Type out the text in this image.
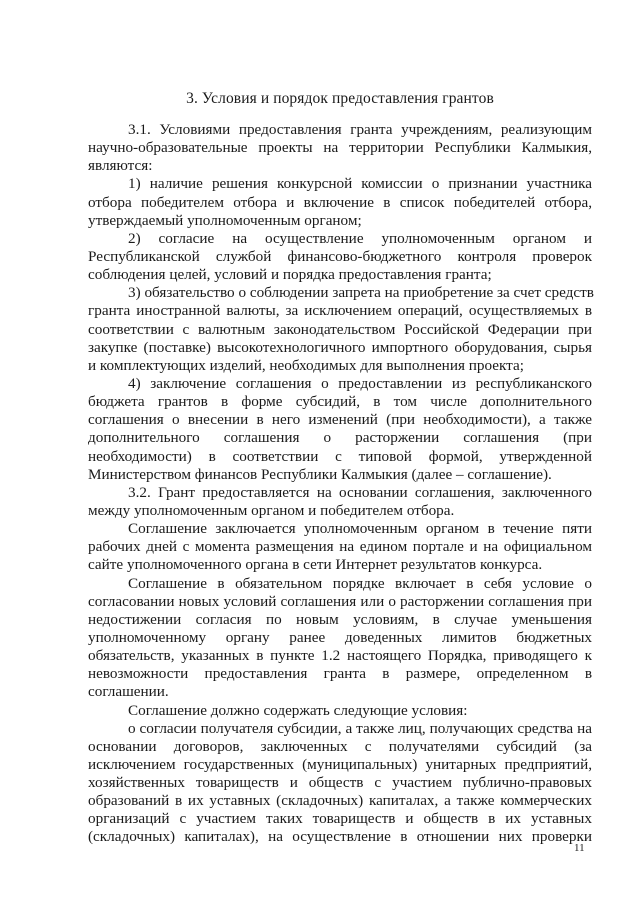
3. Условия и порядок предоставления грантов
3.1. Условиями предоставления гранта учреждениям, реализующим
научно-образовательные проекты на территории Республики Калмыкия,
являются:
1) наличие решения конкурсной комиссии о признании участника
отбора победителем отбора и включение в список победителей отбора,
утверждаемый уполномоченным органом;
2) согласие на осуществление уполномоченным органом и
Республиканской службой финансово-бюджетного контроля проверок
соблюдения целей, условий и порядка предоставления гранта;
3) обязательство о соблюдении запрета на приобретение за счет средств
гранта иностранной валюты, за исключением операций, осуществляемых в
соответствии с валютным законодательством Российской Федерации при
закупке (поставке) высокотехнологичного импортного оборудования, сырья
и комплектующих изделий, необходимых для выполнения проекта;
4) заключение соглашения о предоставлении из республиканского
бюджета грантов в форме субсидий, в том числе дополнительного
соглашения о внесении в него изменений (при необходимости), а также
дополнительного соглашения о расторжении соглашения (при
необходимости) в соответствии с типовой формой, утвержденной
Министерством финансов Республики Калмыкия (далее – соглашение).
3.2. Грант предоставляется на основании соглашения, заключенного
между уполномоченным органом и победителем отбора.
Соглашение заключается уполномоченным органом в течение пяти
рабочих дней с момента размещения на едином портале и на официальном
сайте уполномоченного органа в сети Интернет результатов конкурса.
Соглашение в обязательном порядке включает в себя условие о
согласовании новых условий соглашения или о расторжении соглашения при
недостижении согласия по новым условиям, в случае уменьшения
уполномоченному органу ранее доведенных лимитов бюджетных
обязательств, указанных в пункте 1.2 настоящего Порядка, приводящего к
невозможности предоставления гранта в размере, определенном в
соглашении.
Соглашение должно содержать следующие условия:
о согласии получателя субсидии, а также лиц, получающих средства на
основании договоров, заключенных с получателями субсидий (за
исключением государственных (муниципальных) унитарных предприятий,
хозяйственных товариществ и обществ с участием публично-правовых
образований в их уставных (складочных) капиталах, а также коммерческих
организаций с участием таких товариществ и обществ в их уставных
(складочных) капиталах), на осуществление в отношении них проверки
11
